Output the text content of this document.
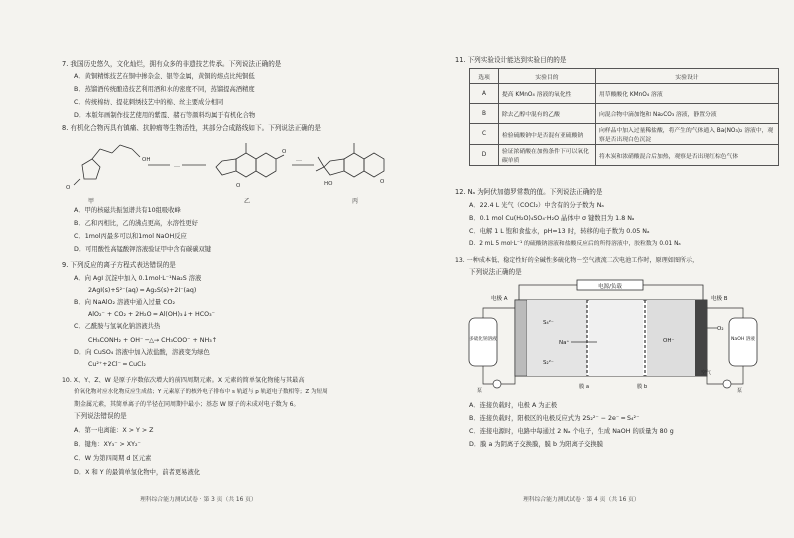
7. 我国历史悠久，文化灿烂，拥有众多的非遗技艺传承。下列说法正确的是
A．黄铜精炼技艺在铜中掺杂金、银等金属，黄铜的熔点比纯铜低
B．蒸馏酒传统酿造技艺利用酒和水的密度不同，蒸馏提高酒精度
C．传统棉纺、提花刺绣技艺中的棉、丝主要成分相同
D．本版年画制作技艺使用的紫霞、赭石等颜料均属于有机化合物
8. 有机化合物丙具有镇痛、抗肿瘤等生物活性，其部分合成路线如下。下列说法正确的是
O
OH
…
…
O
O	HO	O
甲	乙	丙
A．甲的核磁共振氢谱共有10组吸收峰
B．乙和丙相比，乙的沸点更高，水溶性更好
C．1mol丙最多可以和1mol NaOH反应
D．可用酸性高锰酸钾溶液验证甲中含有碳碳双键
9. 下列反应的离子方程式表达错误的是
A．向 AgI 沉淀中加入 0.1mol·L⁻¹Na₂S 溶液
2AgI(s)+S²⁻(aq) ═ Ag₂S(s)+2I⁻(aq)
B．向 NaAlO₂ 溶液中通入过量 CO₂
AlO₂⁻ + CO₂ + 2H₂O ═ Al(OH)₃↓+ HCO₃⁻
C．乙酰胺与氢氧化钠溶液共热
CH₃CONH₂ + OH⁻ ─△→ CH₃COO⁻ + NH₃↑
D．向 CuSO₄ 溶液中加入浓盐酸，溶液变为绿色
Cu²⁺+2Cl⁻ ═ CuCl₂
10. X、Y、Z、W 是原子序数依次增大的前四周期元素。X 元素的简单氢化物能与其最高
价氧化物对应水化物反应生成盐；Y 元素原子的核外电子排布中 s 轨道与 p 轨道电子数相等；Z 为短周
期金属元素，其简单离子的半径在同周期中最小；基态 W 原子的未成对电子数为 6。
下列说法错误的是
A．第一电离能：X > Y > Z
B．键角：XY₃⁻ > XY₂⁻
C．W 为第四周期 d 区元素
D．X 和 Y 的最简单氢化物中，前者更易液化
理科综合能力测试试卷 · 第 3 页（共 16 页）
11. 下列实验设计能达到实验目的的是
选项	实验目的	实验设计
A	提高 KMnO₄ 溶液的氧化性	用草酸酸化 KMnO₄ 溶液
B	除去乙醇中混有的乙酸	向混合物中滴加饱和 Na₂CO₃ 溶液，静置分液
C	检验硫酸钠中是否混有亚硫酸钠	向样品中加入过量稀盐酸，将产生的气体通入 Ba(NO₃)₂ 溶液中，观察是否出现白色沉淀
D	验证浓硝酸在加热条件下可以氧化碳单质	将木炭和浓硝酸混合后加热，观察是否出现红棕色气体
12. Nₐ 为阿伏加德罗常数的值。下列说法正确的是
A．22.4 L 光气（COCl₂）中含有的分子数为 Nₐ
B．0.1 mol Cu(H₂O)₄SO₄·H₂O 晶体中 σ 键数目为 1.8 Nₐ
C．电解 1 L 饱和食盐水，pH=13 时，转移的电子数为 0.05 Nₐ
D．2 mL 5 mol·L⁻¹ 的硫酸钠溶液和盐酸反应后的所得溶液中，胶粒数为 0.01 Nₐ
13. 一种成本低、稳定性好的全碱性多硫化物－空气液流二次电池工作时，原理如图所示，
下列说法正确的是
电源/负载
电极 A	电极 B
S₄²⁻
S₂²⁻
Na⁺	OH⁻
O₂
多硫化钠溶液	NaOH 溶液
泵	泵
空气
膜 a	膜 b
A．连接负载时，电极 A 为正极
B．连接负载时，阳极区的电极反应式为 2S₂²⁻ − 2e⁻ ═ S₄²⁻
C．连接电源时，电路中每通过 2 Nₐ 个电子，生成 NaOH 的质量为 80 g
D．膜 a 为阴离子交换膜，膜 b 为阳离子交换膜
理科综合能力测试试卷 · 第 4 页（共 16 页）
